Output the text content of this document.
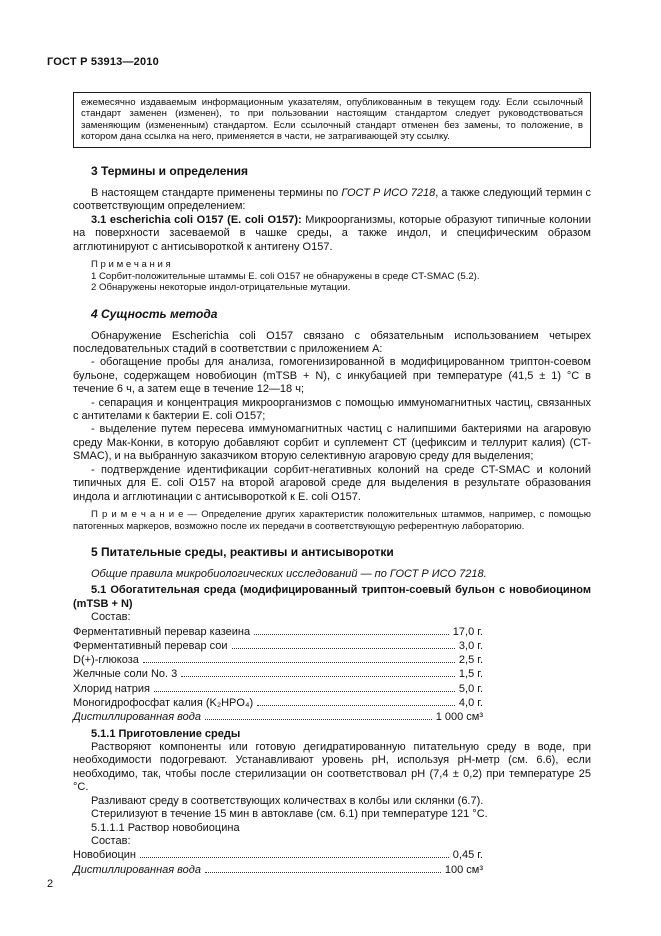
ГОСТ Р 53913—2010

ежемесячно издаваемым информационным указателям, опубликованным в текущем году. Если ссылочный стандарт заменен (изменен), то при пользовании настоящим стандартом следует руководствоваться заменяющим (измененным) стандартом. Если ссылочный стандарт отменен без замены, то положение, в котором дана ссылка на него, применяется в части, не затрагивающей эту ссылку.

3 Термины и определения

В настоящем стандарте применены термины по ГОСТ Р ИСО 7218, а также следующий термин с соответствующим определением:

3.1 escherichia coli O157 (E. coli O157): Микроорганизмы, которые образуют типичные колонии на поверхности засеваемой в чашке среды, а также индол, и специфическим образом агглютинируют с антисывороткой к антигену O157.

П р и м е ч а н и я

1 Сорбит-положительные штаммы E. coli O157 не обнаружены в среде CT-SMAC (5.2).

2 Обнаружены некоторые индол-отрицательные мутации.

4 Сущность метода

Обнаружение Escherichia coli O157 связано с обязательным использованием четырех последовательных стадий в соответствии с приложением А:

- обогащение пробы для анализа, гомогенизированной в модифицированном триптон-соевом бульоне, содержащем новобиоцин (mTSB + N), с инкубацией при температуре (41,5 ± 1) °С в течение 6 ч, а затем еще в течение 12—18 ч;

- сепарация и концентрация микроорганизмов с помощью иммуномагнитных частиц, связанных с антителами к бактерии E. coli O157;

- выделение путем пересева иммуномагнитных частиц с налипшими бактериями на агаровую среду Мак-Конки, в которую добавляют сорбит и суплемент СТ (цефиксим и теллурит калия) (CT-SMAC), и на выбранную заказчиком вторую селективную агаровую среду для выделения;

- подтверждение идентификации сорбит-негативных колоний на среде CT-SMAC и колоний типичных для E. coli O157 на второй агаровой среде для выделения в результате образования индола и агглютинации с антисывороткой к E. coli O157.

П р и м е ч а н и е — Определение других характеристик положительных штаммов, например, с помощью патогенных маркеров, возможно после их передачи в соответствующую референтную лабораторию.

5 Питательные среды, реактивы и антисыворотки

Общие правила микробиологических исследований — по ГОСТ Р ИСО 7218.

5.1 Обогатительная среда (модифицированный триптон-соевый бульон с новобиоцином (mTSB + N)

Состав:

Ферментативный перевар казеина	17,0 г.
Ферментативный перевар сои	3,0 г.
D(+)-глюкоза	2,5 г.
Желчные соли No. 3	1,5 г.
Хлорид натрия	5,0 г.
Моногидрофосфат калия (K₂HPO₄)	4,0 г.
Дистиллированная вода	1 000 см³

5.1.1 Приготовление среды

Растворяют компоненты или готовую дегидратированную питательную среду в воде, при необходимости подогревают. Устанавливают уровень pH, используя pH-метр (см. 6.6), если необходимо, так, чтобы после стерилизации он соответствовал pH (7,4 ± 0,2) при температуре 25 °С.

Разливают среду в соответствующих количествах в колбы или склянки (6.7).

Стерилизуют в течение 15 мин в автоклаве (см. 6.1) при температуре 121 °С.

5.1.1.1 Раствор новобиоцина

Состав:

Новобиоцин	0,45 г.
Дистиллированная вода	100 см³
2
